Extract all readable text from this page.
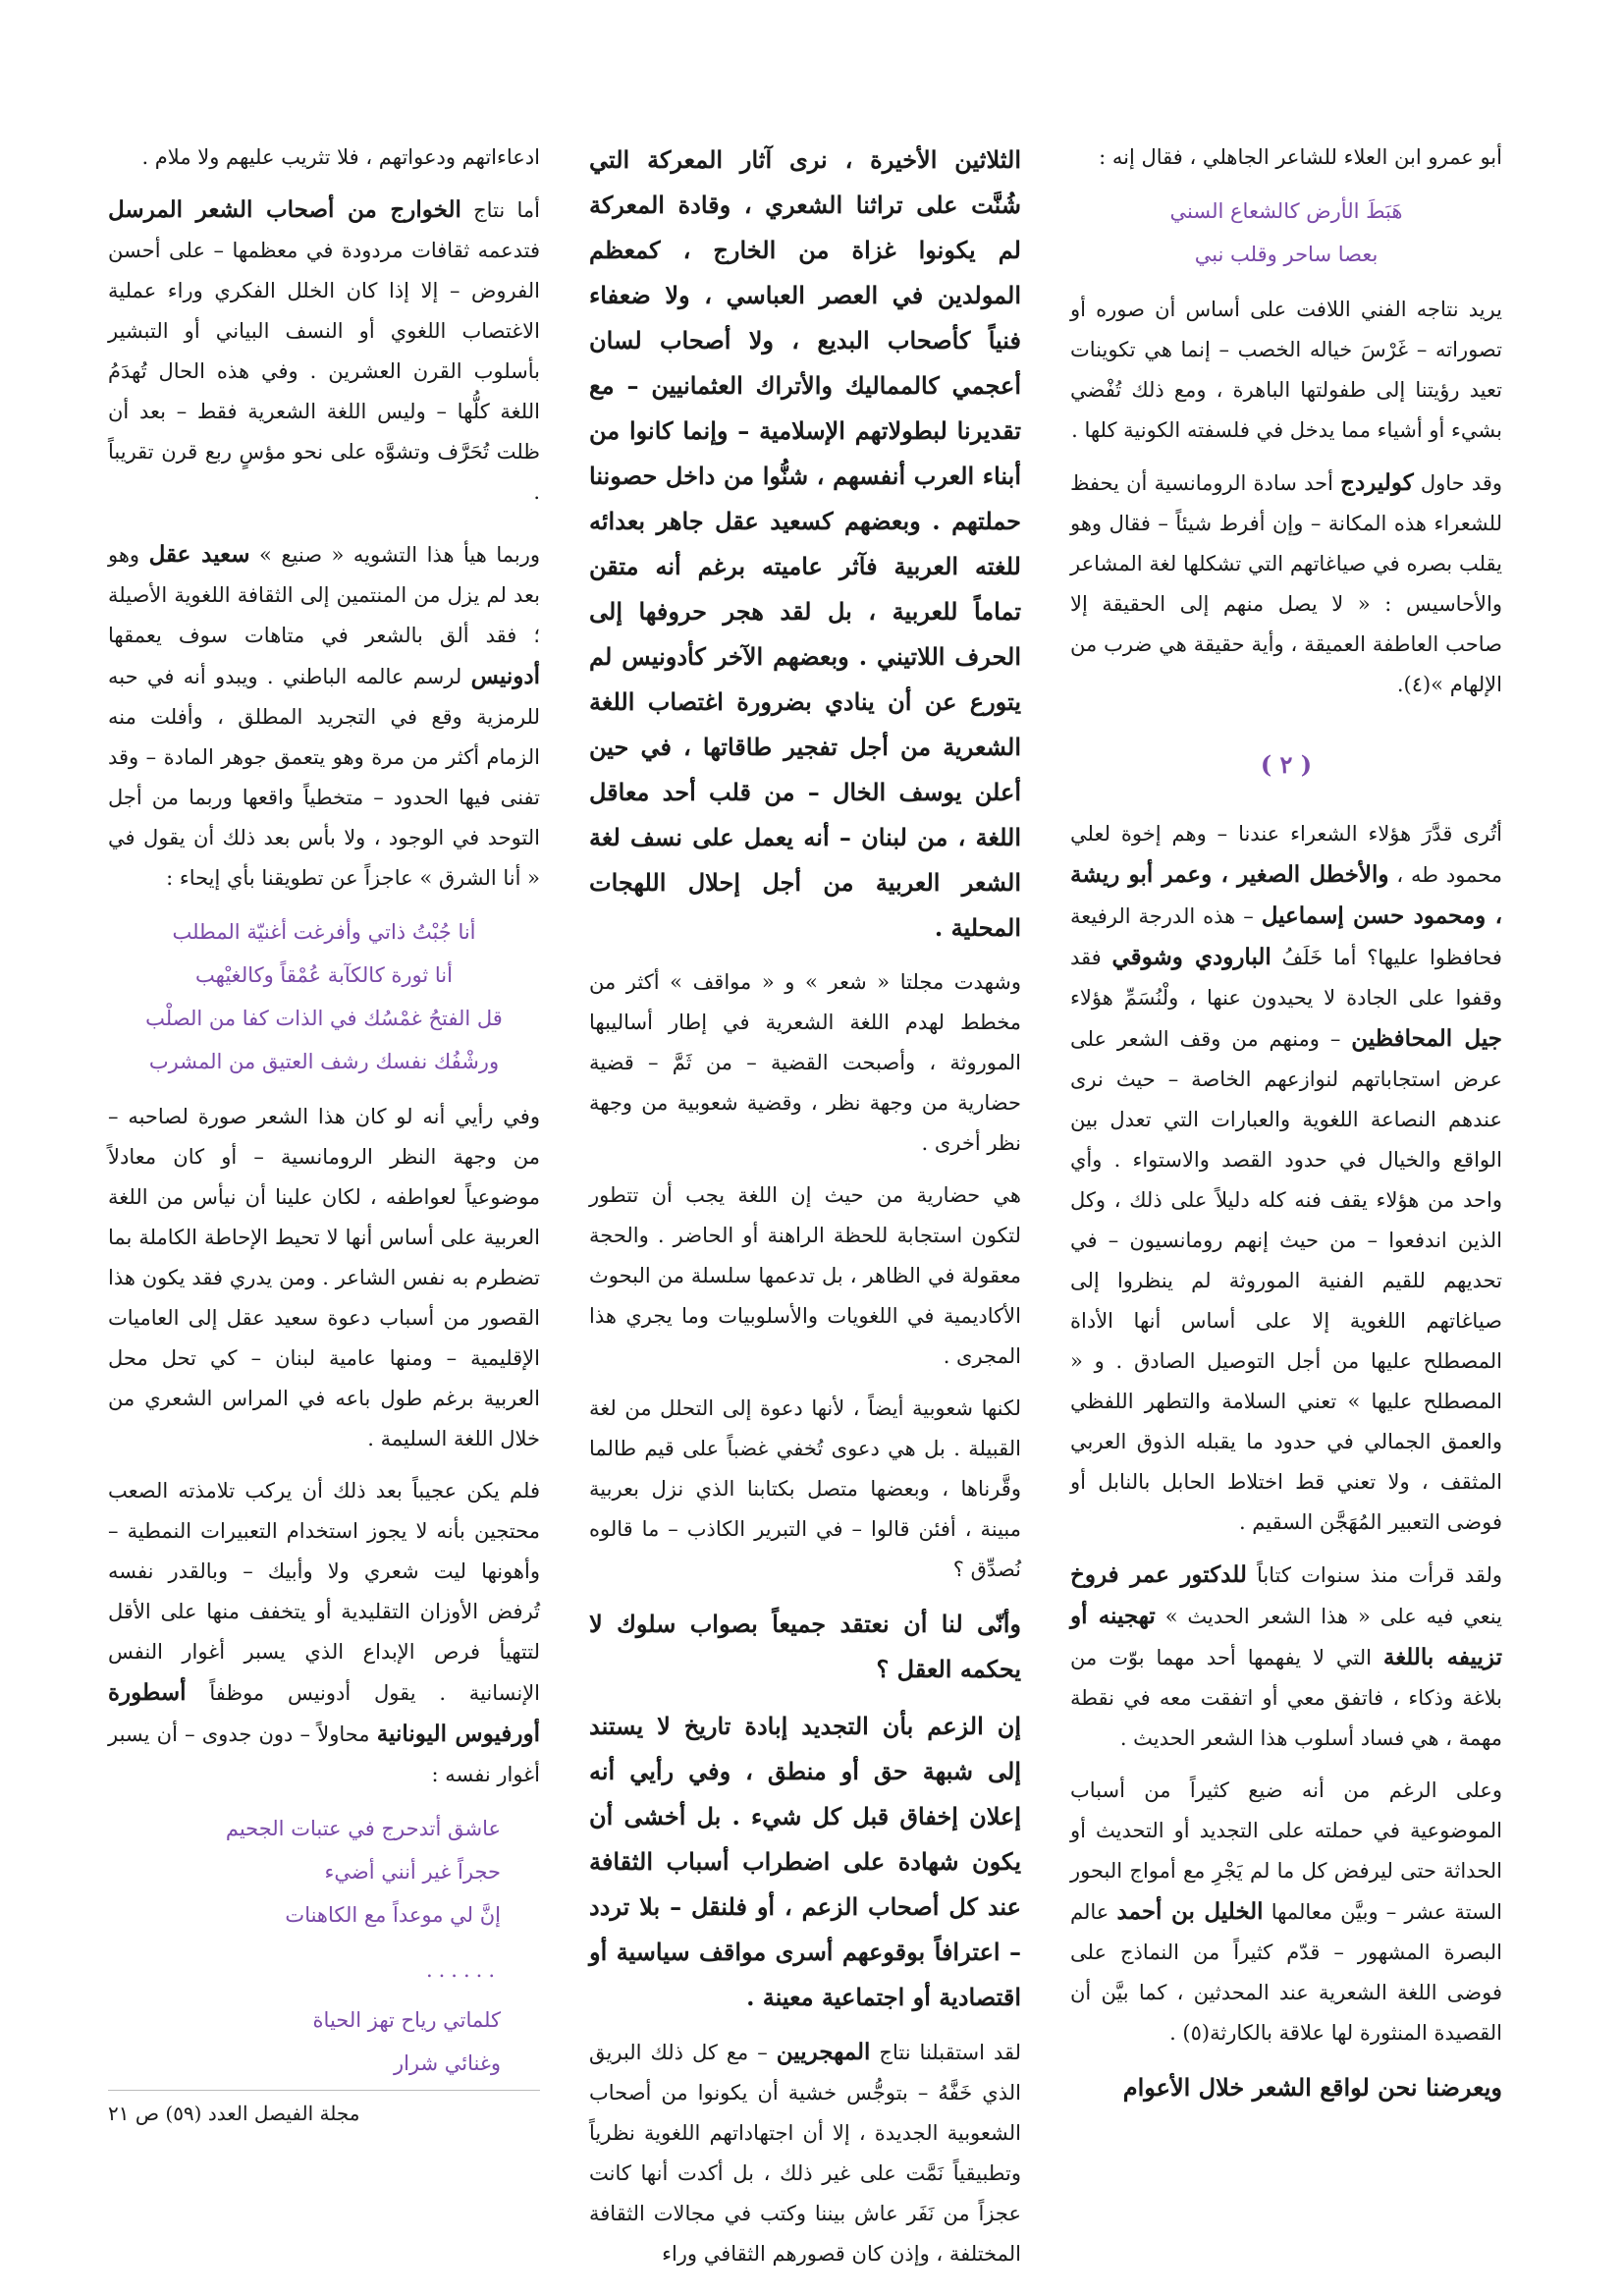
أبو عمرو ابن العلاء للشاعر الجاهلي ، فقال إنه :

هَبَطَ الأرض كالشعاع السني
بعصا ساحر وقلب نبي

يريد نتاجه الفني اللافت على أساس أن صوره أو تصوراته – غَرْسَ خياله الخصب – إنما هي تكوينات تعيد رؤيتنا إلى طفولتها الباهرة ، ومع ذلك تُفْضي بشيء أو أشياء مما يدخل في فلسفته الكونية كلها .

وقد حاول كوليردج أحد سادة الرومانسية أن يحفظ للشعراء هذه المكانة – وإن أفرط شيئاً – فقال وهو يقلب بصره في صياغاتهم التي تشكلها لغة المشاعر والأحاسيس : « لا يصل منهم إلى الحقيقة إلا صاحب العاطفة العميقة ، وأية حقيقة هي ضرب من الإلهام »(٤).

( ٢ )

أتُرى قدَّرَ هؤلاء الشعراء عندنا – وهم إخوة لعلي محمود طه ، والأخطل الصغير ، وعمر أبو ريشة ، ومحمود حسن إسماعيل – هذه الدرجة الرفيعة فحافظوا عليها؟ أما خَلَفُ البارودي وشوقي فقد وقفوا على الجادة لا يحيدون عنها ، ولْنُسَمِّ هؤلاء جيل المحافظين – ومنهم من وقف الشعر على عرض استجاباتهم لنوازعهم الخاصة – حيث نرى عندهم النصاعة اللغوية والعبارات التي تعدل بين الواقع والخيال في حدود القصد والاستواء . وأي واحد من هؤلاء يقف فنه كله دليلاً على ذلك ، وكل الذين اندفعوا – من حيث إنهم رومانسيون – في تحديهم للقيم الفنية الموروثة لم ينظروا إلى صياغاتهم اللغوية إلا على أساس أنها الأداة المصطلح عليها من أجل التوصيل الصادق . و « المصطلح عليها » تعني السلامة والتطهر اللفظي والعمق الجمالي في حدود ما يقبله الذوق العربي المثقف ، ولا تعني قط اختلاط الحابل بالنابل أو فوضى التعبير المُهَجَّن السقيم .

ولقد قرأت منذ سنوات كتاباً للدكتور عمر فروخ ينعي فيه على « هذا الشعر الحديث » تهجينه أو تزييفه باللغة التي لا يفهمها أحد مهما بوّت من بلاغة وذكاء ، فاتفق معي أو اتفقت معه في نقطة مهمة ، هي فساد أسلوب هذا الشعر الحديث .

وعلى الرغم من أنه ضيع كثيراً من أسباب الموضوعية في حملته على التجديد أو التحديث أو الحداثة حتى ليرفض كل ما لم يَجْرِ مع أمواج البحور الستة عشر – وبيَّن معالمها الخليل بن أحمد عالم البصرة المشهور – قدّم كثيراً من النماذج على فوضى اللغة الشعرية عند المحدثين ، كما بيَّن أن القصيدة المنثورة لها علاقة بالكارثة(٥) .

ويعرضنا نحن لواقع الشعر خلال الأعوام

الثلاثين الأخيرة ، نرى آثار المعركة التي شُنَّت على تراثنا الشعري ، وقادة المعركة لم يكونوا غزاة من الخارج ، كمعظم المولدين في العصر العباسي ، ولا ضعفاء فنياً كأصحاب البديع ، ولا أصحاب لسان أعجمي كالمماليك والأتراك العثمانيين – مع تقديرنا لبطولاتهم الإسلامية – وإنما كانوا من أبناء العرب أنفسهم ، شنُّوا من داخل حصوننا حملتهم . وبعضهم كسعيد عقل جاهر بعدائه للغته العربية فآثر عاميته برغم أنه متقن تماماً للعربية ، بل لقد هجر حروفها إلى الحرف اللاتيني . وبعضهم الآخر كأدونيس لم يتورع عن أن ينادي بضرورة اغتصاب اللغة الشعرية من أجل تفجير طاقاتها ، في حين أعلن يوسف الخال – من قلب أحد معاقل اللغة ، من لبنان – أنه يعمل على نسف لغة الشعر العربية من أجل إحلال اللهجات المحلية .

وشهدت مجلتا « شعر » و « مواقف » أكثر من مخطط لهدم اللغة الشعرية في إطار أساليبها الموروثة ، وأصبحت القضية – من ثَمَّ – قضية حضارية من وجهة نظر ، وقضية شعوبية من وجهة نظر أخرى .

هي حضارية من حيث إن اللغة يجب أن تتطور لتكون استجابة للحظة الراهنة أو الحاضر . والحجة معقولة في الظاهر ، بل تدعمها سلسلة من البحوث الأكاديمية في اللغويات والأسلوبيات وما يجري هذا المجرى .

لكنها شعوبية أيضاً ، لأنها دعوة إلى التحلل من لغة القبيلة . بل هي دعوى تُخفي غضباً على قيم طالما وقَّرناها ، وبعضها متصل بكتابنا الذي نزل بعربية مبينة ، أفئن قالوا – في التبرير الكاذب – ما قالوه نُصدِّق ؟

وأنّى لنا أن نعتقد جميعاً بصواب سلوك لا يحكمه العقل ؟

إن الزعم بأن التجديد إبادة تاريخ لا يستند إلى شبهة حق أو منطق ، وفي رأيي أنه إعلان إخفاق قبل كل شيء . بل أخشى أن يكون شهادة على اضطراب أسباب الثقافة عند كل أصحاب الزعم ، أو فلنقل – بلا تردد – اعترافاً بوقوعهم أسرى مواقف سياسية أو اقتصادية أو اجتماعية معينة .

لقد استقبلنا نتاج المهجريين – مع كل ذلك البريق الذي خَفَّهُ – بتوجُّس خشية أن يكونوا من أصحاب الشعوبية الجديدة ، إلا أن اجتهاداتهم اللغوية نظرياً وتطبيقياً نَمَّت على غير ذلك ، بل أكدت أنها كانت عجزاً من نَفَر عاش بيننا وكتب في مجالات الثقافة المختلفة ، وإذن كان قصورهم الثقافي وراء

ادعاءاتهم ودعواتهم ، فلا تثريب عليهم ولا ملام .

أما نتاج الخوارج من أصحاب الشعر المرسل فتدعمه ثقافات مردودة في معظمها – على أحسن الفروض – إلا إذا كان الخلل الفكري وراء عملية الاغتصاب اللغوي أو النسف البياني أو التبشير بأسلوب القرن العشرين . وفي هذه الحال تُهدَمُ اللغة كلُّها – وليس اللغة الشعرية فقط – بعد أن ظلت تُحَرَّف وتشوَّه على نحو مؤسٍ ربع قرن تقريباً .

وربما هيأ هذا التشويه « صنيع » سعيد عقل وهو بعد لم يزل من المنتمين إلى الثقافة اللغوية الأصيلة ؛ فقد ألق بالشعر في متاهات سوف يعمقها أدونيس لرسم عالمه الباطني . ويبدو أنه في حبه للرمزية وقع في التجريد المطلق ، وأفلت منه الزمام أكثر من مرة وهو يتعمق جوهر المادة – وقد تفنى فيها الحدود – متخطياً واقعها وربما من أجل التوحد في الوجود ، ولا بأس بعد ذلك أن يقول في « أنا الشرق » عاجزاً عن تطويقنا بأي إيحاء :

أنا جُبْتُ ذاتي وأفرغت أغنيّة المطلب
أنا ثورة كالكآبة عُمْقاً وكالغيْهب
قل الفتحُ غمْسُك في الذات كفا من الصلْب
ورشْفُك نفسك رشف العتيق من المشرب

وفي رأيي أنه لو كان هذا الشعر صورة لصاحبه – من وجهة النظر الرومانسية – أو كان معادلاً موضوعياً لعواطفه ، لكان علينا أن نيأس من اللغة العربية على أساس أنها لا تحيط الإحاطة الكاملة بما تضطرم به نفس الشاعر . ومن يدري فقد يكون هذا القصور من أسباب دعوة سعيد عقل إلى العاميات الإقليمية – ومنها عامية لبنان – كي تحل محل العربية برغم طول باعه في المراس الشعري من خلال اللغة السليمة .

فلم يكن عجيباً بعد ذلك أن يركب تلامذته الصعب محتجين بأنه لا يجوز استخدام التعبيرات النمطية – وأهونها ليت شعري ولا وأبيك – وبالقدر نفسه تُرفض الأوزان التقليدية أو يتخفف منها على الأقل لتتهيأ فرص الإبداع الذي يسبر أغوار النفس الإنسانية . يقول أدونيس موظفاً أسطورة أورفيوس اليونانية محاولاً – دون جدوى – أن يسبر أغوار نفسه :

عاشق أتدحرج في عتبات الجحيم
حجراً غير أنني أضيء
إنَّ لي موعداً مع الكاهنات
......
كلماتي رياح تهز الحياة
وغنائي شرار
مجلة الفيصل العدد (٥٩) ص ٢١
